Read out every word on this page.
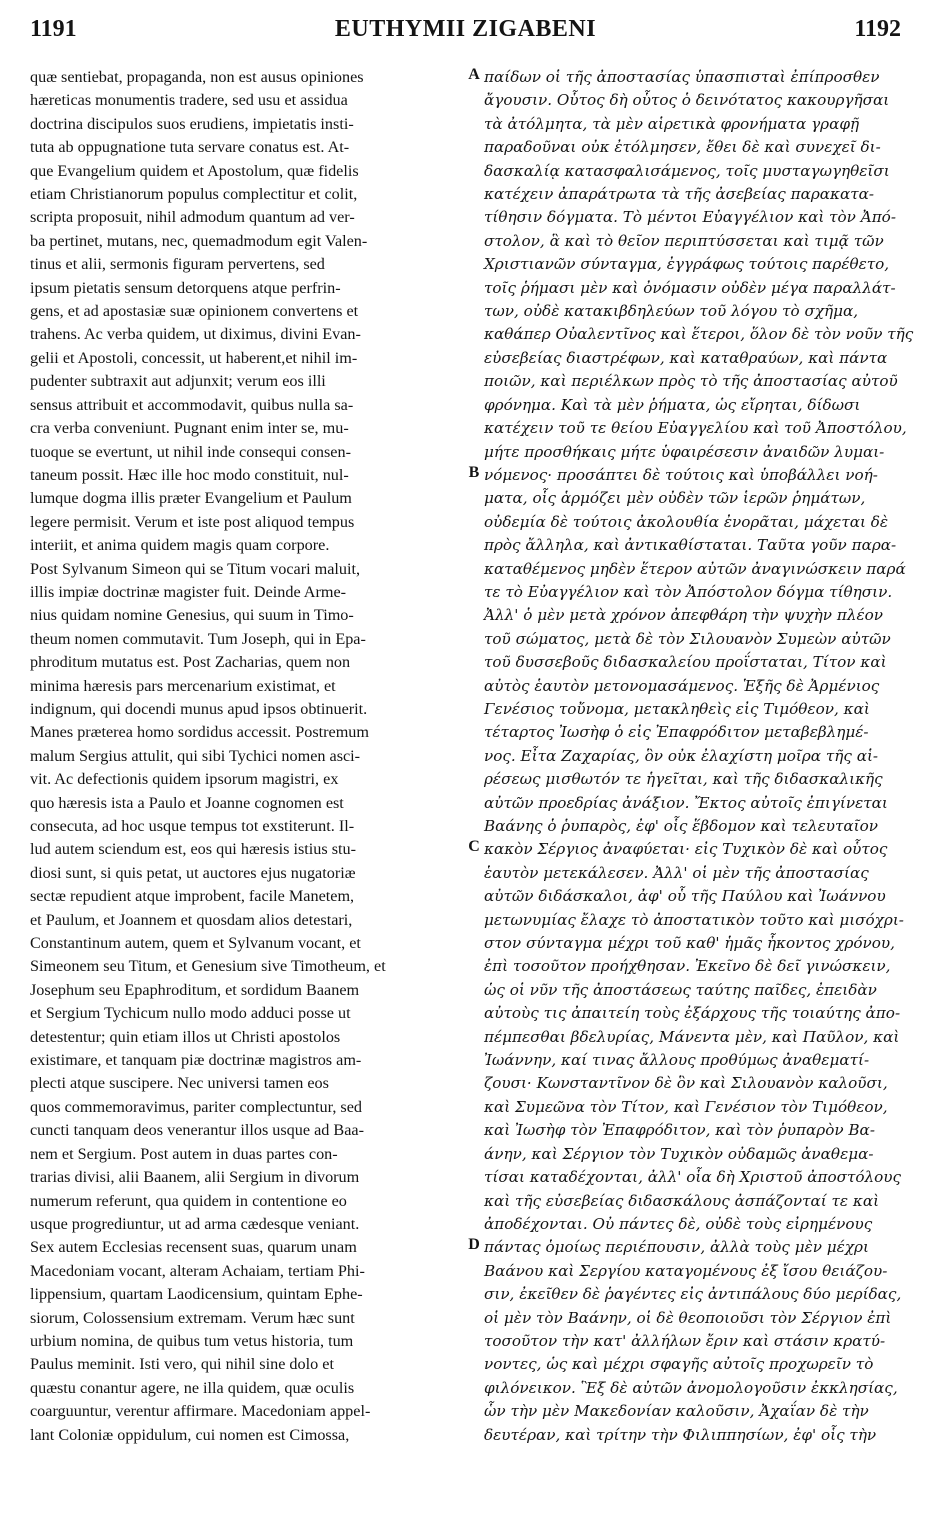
1191	EUTHYMII ZIGABENI	1192
quæ sentiebat, propaganda, non est ausus opiniones
hæreticas monumentis tradere, sed usu et assidua
doctrina discipulos suos erudiens, impietatis insti-
tuta ab oppugnatione tuta servare conatus est. At-
que Evangelium quidem et Apostolum, quæ fidelis
etiam Christianorum populus complectitur et colit,
scripta proposuit, nihil admodum quantum ad ver-
ba pertinet, mutans, nec, quemadmodum egit Valen-
tinus et alii, sermonis figuram pervertens, sed
ipsum pietatis sensum detorquens atque perfrin-
gens, et ad apostasiæ suæ opinionem convertens et
trahens. Ac verba quidem, ut diximus, divini Evan-
gelii et Apostoli, concessit, ut haberent,et nihil im-
pudenter subtraxit aut adjunxit; verum eos illi
sensus attribuit et accommodavit, quibus nulla sa-
cra verba conveniunt. Pugnant enim inter se, mu-
tuoque se evertunt, ut nihil inde consequi consen-
taneum possit. Hæc ille hoc modo constituit, nul-
lumque dogma illis præter Evangelium et Paulum
legere permisit. Verum et iste post aliquod tempus
interiit, et anima quidem magis quam corpore.
Post Sylvanum Simeon qui se Titum vocari maluit,
illis impiæ doctrinæ magister fuit. Deinde Arme-
nius quidam nomine Genesius, qui suum in Timo-
theum nomen commutavit. Tum Joseph, qui in Epa-
phroditum mutatus est. Post Zacharias, quem non
minima hæresis pars mercenarium existimat, et
indignum, qui docendi munus apud ipsos obtinuerit.
Manes præterea homo sordidus accessit. Postremum
malum Sergius attulit, qui sibi Tychici nomen asci-
vit. Ac defectionis quidem ipsorum magistri, ex
quo hæresis ista a Paulo et Joanne cognomen est
consecuta, ad hoc usque tempus tot exstiterunt. Il-
lud autem sciendum est, eos qui hæresis istius stu-
diosi sunt, si quis petat, ut auctores ejus nugatoriæ
sectæ repudient atque improbent, facile Manetem,
et Paulum, et Joannem et quosdam alios detestari,
Constantinum autem, quem et Sylvanum vocant, et
Simeonem seu Titum, et Genesium sive Timotheum, et
Josephum seu Epaphroditum, et sordidum Baanem
et Sergium Tychicum nullo modo adduci posse ut
detestentur; quin etiam illos ut Christi apostolos
existimare, et tanquam piæ doctrinæ magistros am-
plecti atque suscipere. Nec universi tamen eos
quos commemoravimus, pariter complectuntur, sed
cuncti tanquam deos venerantur illos usque ad Baa-
nem et Sergium. Post autem in duas partes con-
trarias divisi, alii Baanem, alii Sergium in divorum
numerum referunt, qua quidem in contentione eo
usque progrediuntur, ut ad arma cædesque veniant.
Sex autem Ecclesias recensent suas, quarum unam
Macedoniam vocant, alteram Achaiam, tertiam Phi-
lippensium, quartam Laodicensium, quintam Ephe-
siorum, Colossensium extremam. Verum hæc sunt
urbium nomina, de quibus tum vetus historia, tum
Paulus meminit. Isti vero, qui nihil sine dolo et
quæstu conantur agere, ne illa quidem, quæ oculis
coarguuntur, verentur affirmare. Macedoniam appel-
lant Coloniæ oppidulum, cui nomen est Cimossa,
A
B
C
D
παίδων οἱ τῆς ἀποστασίας ὑπασπισταὶ ἐπίπροσθεν
ἄγουσιν. Οὗτος δὴ οὗτος ὁ δεινότατος κακουργῆσαι
τὰ ἀτόλμητα, τὰ μὲν αἱρετικὰ φρονήματα γραφῇ
παραδοῦναι οὐκ ἐτόλμησεν, ἔθει δὲ καὶ συνεχεῖ δι-
δασκαλίᾳ κατασφαλισάμενος, τοῖς μυσταγωγηθεῖσι
κατέχειν ἀπαράτρωτα τὰ τῆς ἀσεβείας παρακατα-
τίθησιν δόγματα. Τὸ μέντοι Εὐαγγέλιον καὶ τὸν Ἀπό-
στολον, ἃ καὶ τὸ θεῖον περιπτύσσεται καὶ τιμᾷ τῶν
Χριστιανῶν σύνταγμα, ἐγγράφως τούτοις παρέθετο,
τοῖς ῥήμασι μὲν καὶ ὀνόμασιν οὐδὲν μέγα παραλλάτ-
των, οὐδὲ κατακιβδηλεύων τοῦ λόγου τὸ σχῆμα,
καθάπερ Οὐαλεντῖνος καὶ ἕτεροι, ὅλον δὲ τὸν νοῦν τῆς
εὐσεβείας διαστρέφων, καὶ καταθραύων, καὶ πάντα
ποιῶν, καὶ περιέλκων πρὸς τὸ τῆς ἀποστασίας αὐτοῦ
φρόνημα. Καὶ τὰ μὲν ῥήματα, ὡς εἴρηται, δίδωσι
κατέχειν τοῦ τε θείου Εὐαγγελίου καὶ τοῦ Ἀποστόλου,
μήτε προσθήκαις μήτε ὑφαιρέσεσιν ἀναιδῶν λυμαι-
νόμενος· προσάπτει δὲ τούτοις καὶ ὑποβάλλει νοή-
ματα, οἷς ἁρμόζει μὲν οὐδὲν τῶν ἱερῶν ῥημάτων,
οὐδεμία δὲ τούτοις ἀκολουθία ἐνορᾶται, μάχεται δὲ
πρὸς ἄλληλα, καὶ ἀντικαθίσταται. Ταῦτα γοῦν παρα-
καταθέμενος μηδὲν ἕτερον αὐτῶν ἀναγινώσκειν παρά
τε τὸ Εὐαγγέλιον καὶ τὸν Ἀπόστολον δόγμα τίθησιν.
Ἀλλ' ὁ μὲν μετὰ χρόνον ἀπεφθάρη τὴν ψυχὴν πλέον
τοῦ σώματος, μετὰ δὲ τὸν Σιλουανὸν Συμεὼν αὐτῶν
τοῦ δυσσεβοῦς διδασκαλείου προΐσταται, Τίτον καὶ
αὐτὸς ἑαυτὸν μετονομασάμενος. Ἑξῆς δὲ Ἀρμένιος
Γενέσιος τοὔνομα, μετακληθεὶς εἰς Τιμόθεον, καὶ
τέταρτος Ἰωσὴφ ὁ εἰς Ἐπαφρόδιτον μεταβεβλημέ-
νος. Εἶτα Ζαχαρίας, ὃν οὐκ ἐλαχίστη μοῖρα τῆς αἱ-
ρέσεως μισθωτόν τε ἡγεῖται, καὶ τῆς διδασκαλικῆς
αὐτῶν προεδρίας ἀνάξιον. Ἔκτος αὐτοῖς ἐπιγίνεται
Βαάνης ὁ ῥυπαρὸς, ἐφ' οἷς ἕβδομον καὶ τελευταῖον
κακὸν Σέργιος ἀναφύεται· εἰς Τυχικὸν δὲ καὶ οὗτος
ἑαυτὸν μετεκάλεσεν. Ἀλλ' οἱ μὲν τῆς ἀποστασίας
αὐτῶν διδάσκαλοι, ἀφ' οὗ τῆς Παύλου καὶ Ἰωάννου
μετωνυμίας ἔλαχε τὸ ἀποστατικὸν τοῦτο καὶ μισόχρι-
στον σύνταγμα μέχρι τοῦ καθ' ἡμᾶς ἧκοντος χρόνου,
ἐπὶ τοσοῦτον προήχθησαν. Ἐκεῖνο δὲ δεῖ γινώσκειν,
ὡς οἱ νῦν τῆς ἀποστάσεως ταύτης παῖδες, ἐπειδὰν
αὐτοὺς τις ἀπαιτείη τοὺς ἐξάρχους τῆς τοιαύτης ἀπο-
πέμπεσθαι βδελυρίας, Μάνεντα μὲν, καὶ Παῦλον, καὶ
Ἰωάννην, καί τινας ἄλλους προθύμως ἀναθεματί-
ζουσι· Κωνσταντῖνον δὲ ὃν καὶ Σιλουανὸν καλοῦσι,
καὶ Συμεῶνα τὸν Τίτον, καὶ Γενέσιον τὸν Τιμόθεον,
καὶ Ἰωσὴφ τὸν Ἐπαφρόδιτον, καὶ τὸν ῥυπαρὸν Βα-
άνην, καὶ Σέργιον τὸν Τυχικὸν οὐδαμῶς ἀναθεμα-
τίσαι καταδέχονται, ἀλλ' οἷα δὴ Χριστοῦ ἀποστόλους
καὶ τῆς εὐσεβείας διδασκάλους ἀσπάζονταί τε καὶ
ἀποδέχονται. Οὐ πάντες δὲ, οὐδὲ τοὺς εἰρημένους
πάντας ὁμοίως περιέπουσιν, ἀλλὰ τοὺς μὲν μέχρι
Βαάνου καὶ Σεργίου καταγομένους ἐξ ἴσου θειάζου-
σιν, ἐκεῖθεν δὲ ῥαγέντες εἰς ἀντιπάλους δύο μερίδας,
οἱ μὲν τὸν Βαάνην, οἱ δὲ θεοποιοῦσι τὸν Σέργιον ἐπὶ
τοσοῦτον τὴν κατ' ἀλλήλων ἔριν καὶ στάσιν κρατύ-
νοντες, ὡς καὶ μέχρι σφαγῆς αὐτοῖς προχωρεῖν τὸ
φιλόνεικον. Ἓξ δὲ αὐτῶν ἀνομολογοῦσιν ἐκκλησίας,
ὧν τὴν μὲν Μακεδονίαν καλοῦσιν, Ἀχαΐαν δὲ τὴν
δευτέραν, καὶ τρίτην τὴν Φιλιππησίων, ἐφ' οἷς τὴν
